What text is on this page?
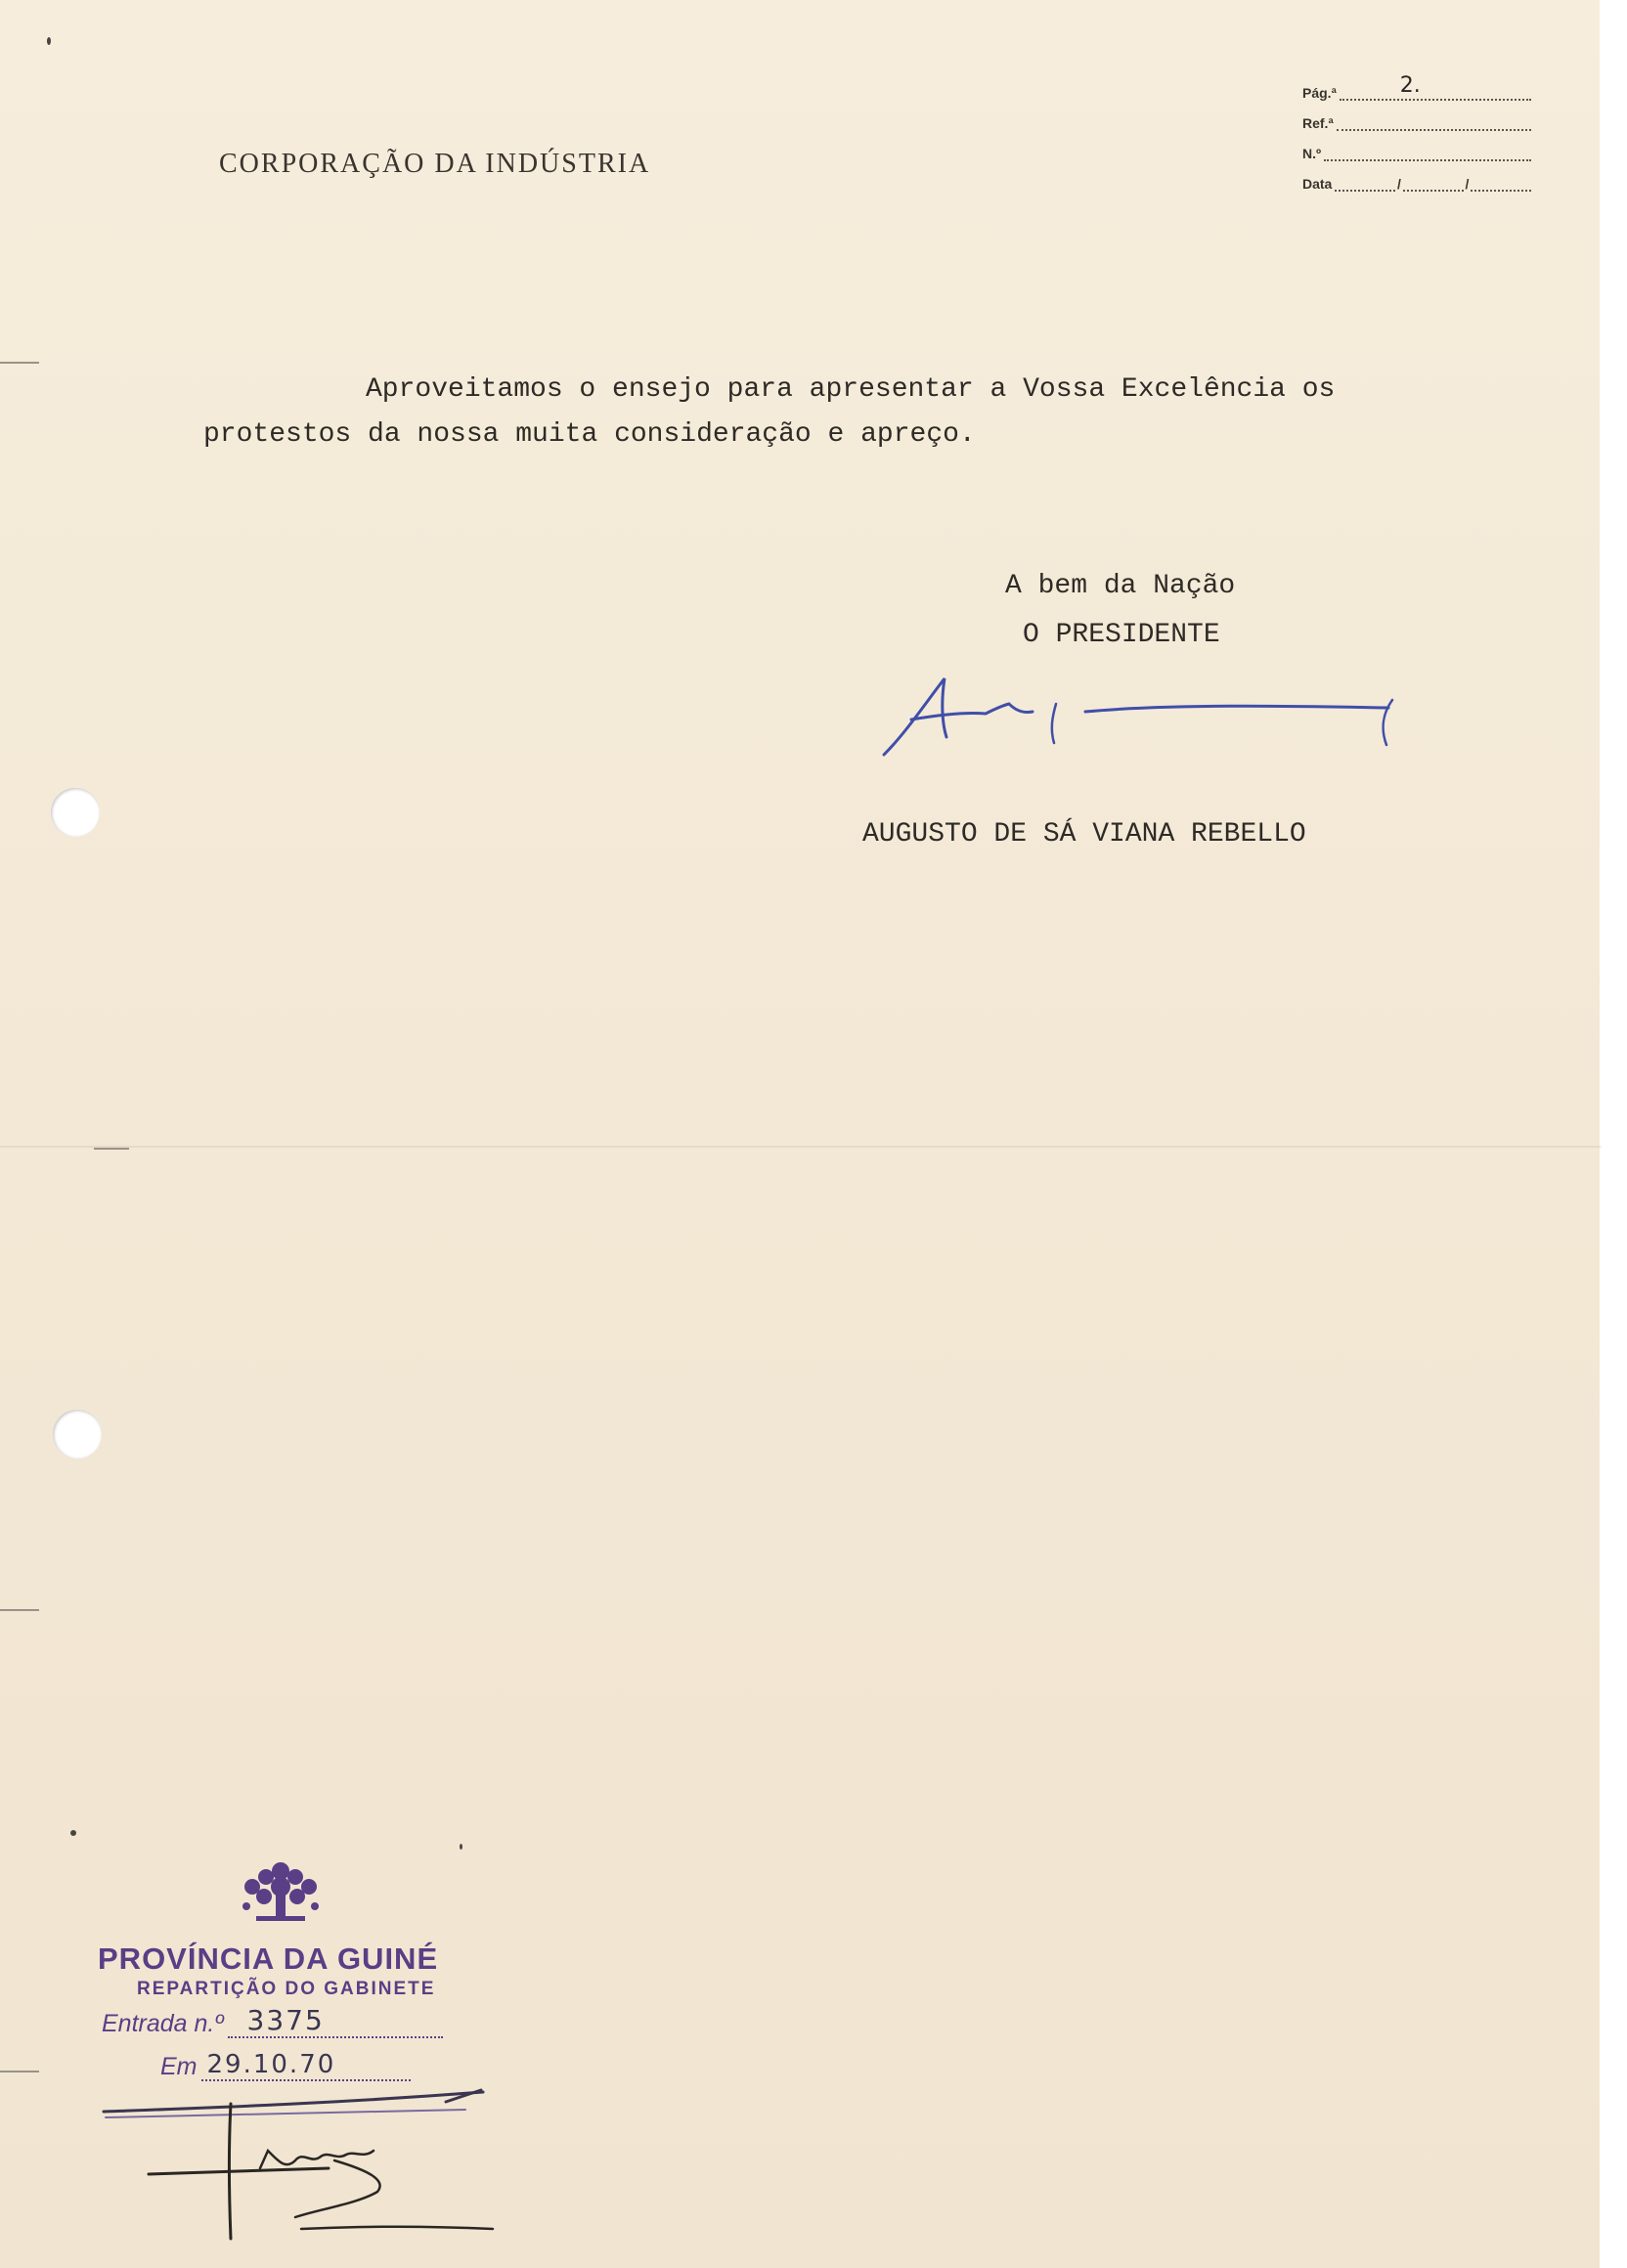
CORPORAÇÃO DA INDÚSTRIA
Pág.ª	2.
Ref.ª
N.º
Data	/	/
Aproveitamos o ensejo para apresentar a Vossa Excelência os
protestos da nossa muita consideração e apreço.
A bem da Nação
O PRESIDENTE
AUGUSTO DE SÁ VIANA REBELLO
PROVÍNCIA DA GUINÉ
REPARTIÇÃO DO GABINETE
Entrada n.º 3375
Em 29.10.70
